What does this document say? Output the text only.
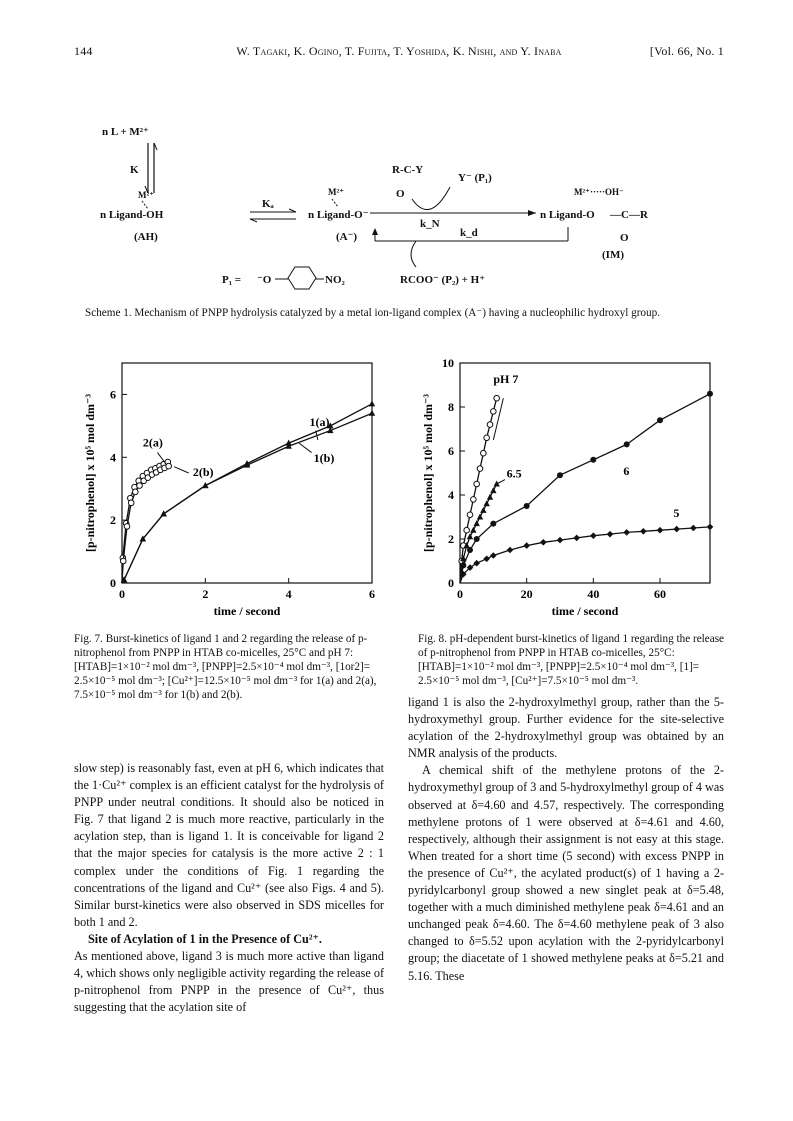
144	W. Tagaki, K. Ogino, T. Fujita, T. Yoshida, K. Nishi, and Y. Inaba	[Vol. 66, No. 1
n L + M²⁺
K
M²⁺
n Ligand-OH
(AH)
Kₐ
M²⁺
n Ligand-O⁻
(A⁻)
R-C-Y
O
Y⁻ (P₁)
k_N
n Ligand-O
M²⁺·····OH⁻
—C—R
O
(IM)
k_d
P₁ = ⁻O	NO₂	RCOO⁻ (P₂) + H⁺
Scheme 1. Mechanism of PNPP hydrolysis catalyzed by a metal ion-ligand complex (A⁻) having a nucleophilic hydroxyl group.
0	2	4	6
0
2
4
6
time / second
[p-nitrophenol] x 10⁵ mol dm⁻³	2(a)
2(b)
1(a)
1(b)
0	20	40	60
0
2
4
6
8
10
time / second
[p-nitrophenol] x 10⁵ mol dm⁻³
pH 7
6.5	6
5
Fig. 7. Burst-kinetics of ligand 1 and 2 regarding the release of p-nitrophenol from PNPP in HTAB co-micelles, 25°C and pH 7: [HTAB]=1×10⁻² mol dm⁻³, [PNPP]=2.5×10⁻⁴ mol dm⁻³, [1or2]= 2.5×10⁻⁵ mol dm⁻³; [Cu²⁺]=12.5×10⁻⁵ mol dm⁻³ for 1(a) and 2(a), 7.5×10⁻⁵ mol dm⁻³ for 1(b) and 2(b).
Fig. 8. pH-dependent burst-kinetics of ligand 1 regarding the release of p-nitrophenol from PNPP in HTAB co-micelles, 25°C: [HTAB]=1×10⁻² mol dm⁻³, [PNPP]=2.5×10⁻⁴ mol dm⁻³, [1]= 2.5×10⁻⁵ mol dm⁻³, [Cu²⁺]=7.5×10⁻⁵ mol dm⁻³.

slow step) is reasonably fast, even at pH 6, which indicates that the 1·Cu²⁺ complex is an efficient catalyst for the hydrolysis of PNPP under neutral conditions. It should also be noticed in Fig. 7 that ligand 2 is much more reactive, particularly in the acylation step, than is ligand 1. It is conceivable for ligand 2 that the major species for catalysis is the more active 2 : 1 complex under the conditions of Fig. 1 regarding the concentrations of the ligand and Cu²⁺ (see also Figs. 4 and 5). Similar burst-kinetics were also observed in SDS micelles for both 1 and 2.

Site of Acylation of 1 in the Presence of Cu²⁺.

As mentioned above, ligand 3 is much more active than ligand 4, which shows only negligible activity regarding the release of p-nitrophenol from PNPP in the presence of Cu²⁺, thus suggesting that the acylation site of

ligand 1 is also the 2-hydroxylmethyl group, rather than the 5-hydroxymethyl group. Further evidence for the site-selective acylation of the 2-hydroxylmethyl group was obtained by an NMR analysis of the products.

A chemical shift of the methylene protons of the 2-hydroxymethyl group of 3 and 5-hydroxylmethyl group of 4 was observed at δ=4.60 and 4.57, respectively. The corresponding methylene protons of 1 were observed at δ=4.61 and 4.60, respectively, although their assignment is not easy at this stage. When treated for a short time (5 second) with excess PNPP in the presence of Cu²⁺, the acylated product(s) of 1 having a 2-pyridylcarbonyl group showed a new singlet peak at δ=5.48, together with a much diminished methylene peak δ=4.61 and an unchanged peak δ=4.60. The δ=4.60 methylene peak of 3 also changed to δ=5.52 upon acylation with the 2-pyridylcarbonyl group; the diacetate of 1 showed methylene peaks at δ=5.21 and 5.16. These
